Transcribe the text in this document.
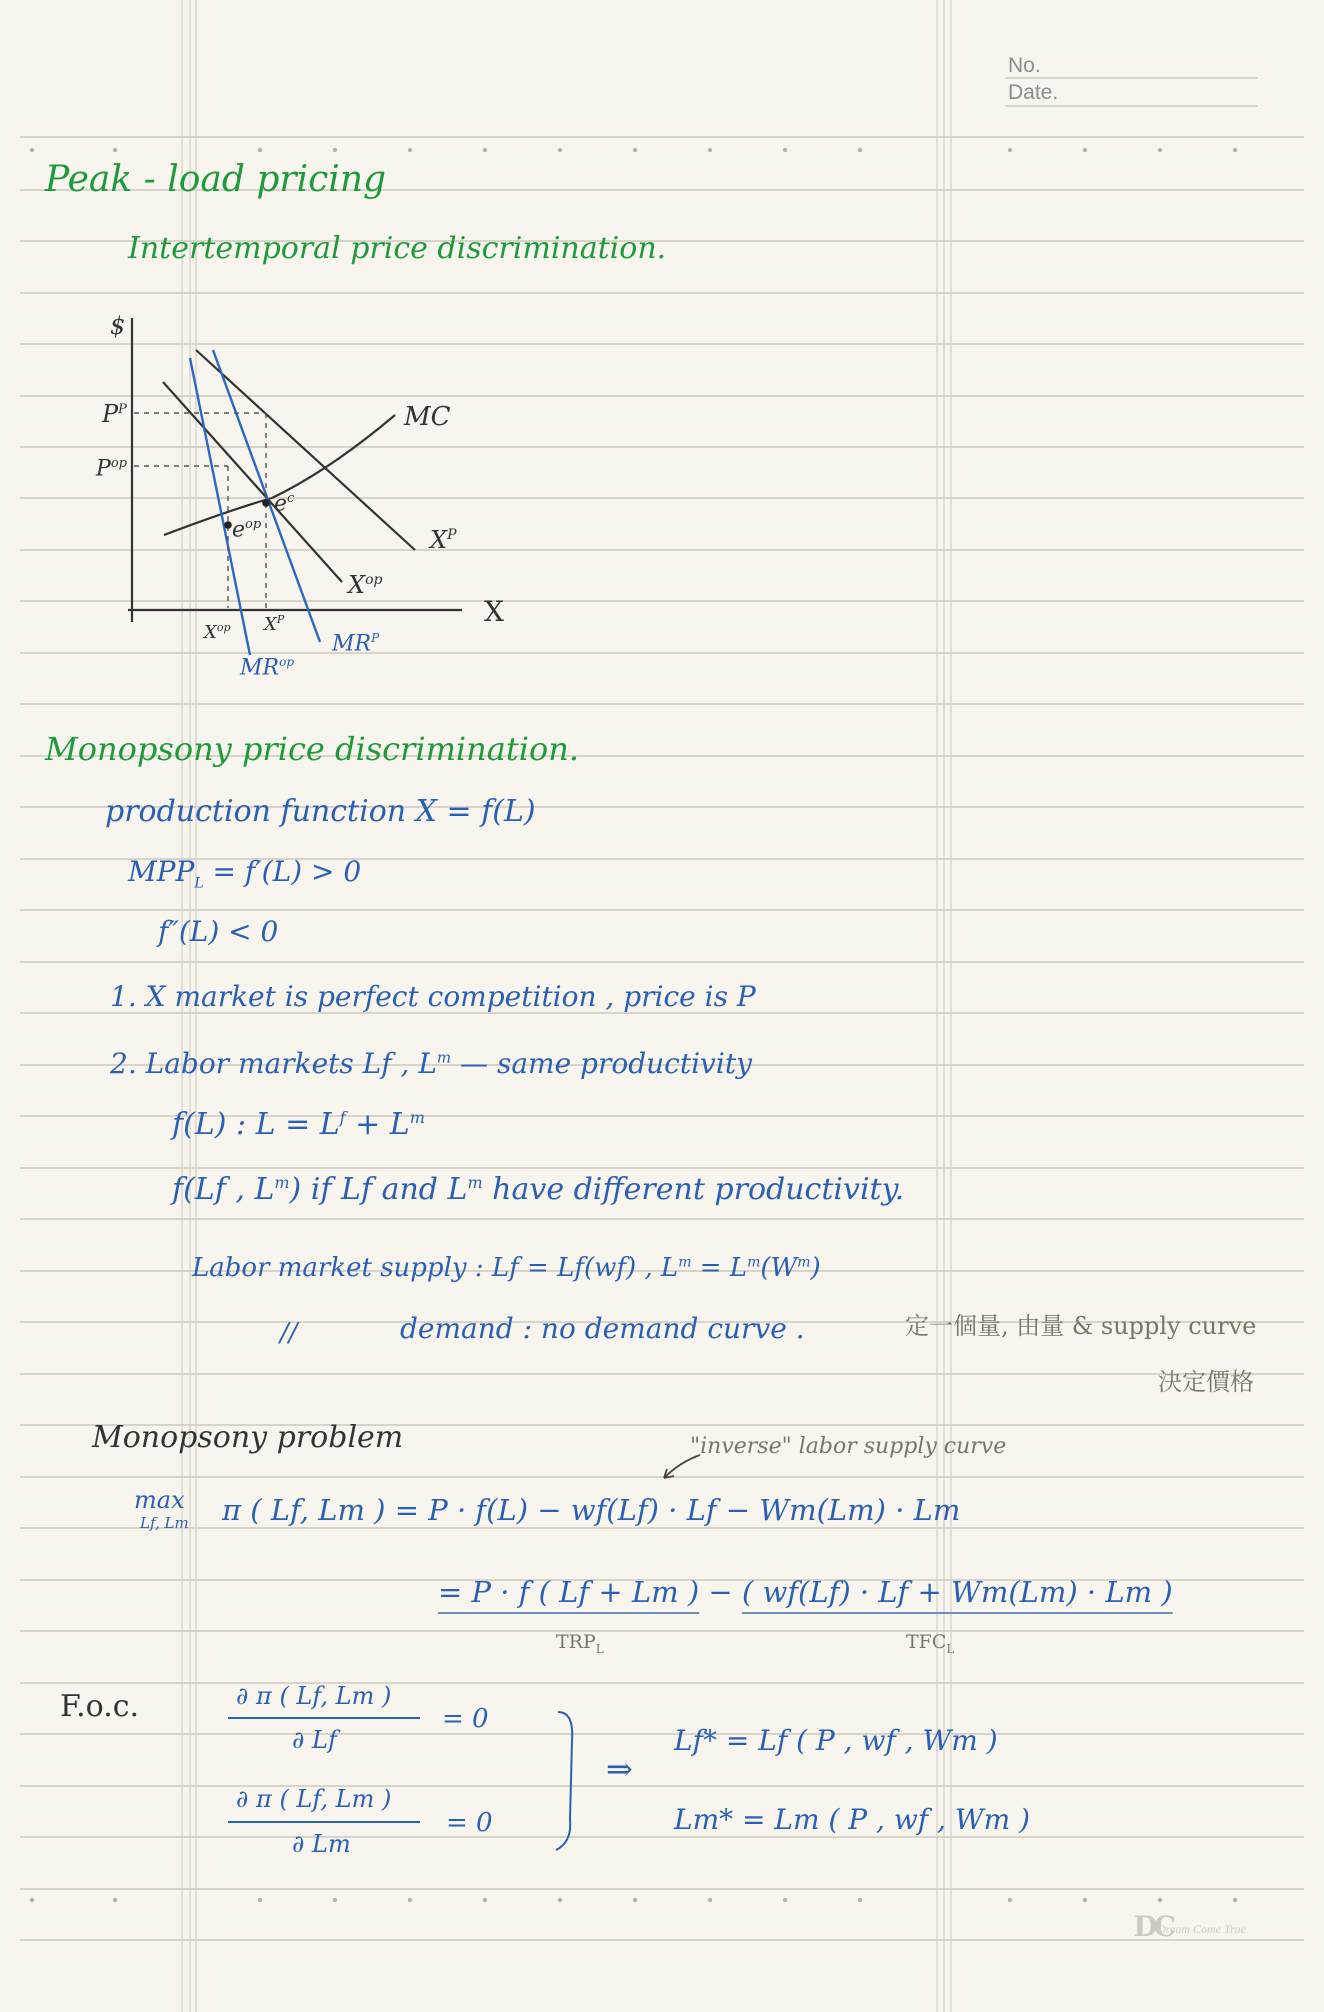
No.
Date.
Peak - load pricing
Intertemporal price discrimination.
$
X
$P^P$
$P^{op}$
MC
$X^P$
$X^{op}$
$e^c$
$e^{op}$
$X^{op}$ $X^P$
$MR^{op}$
$MR^P$
Monopsony price discrimination.
production function X = f(L)
$MPP_L = f'(L) > 0$
f″(L) < 0
1. X market is perfect competition , price is P
2. Labor markets Lf , $L^m$ — same productivity
f(L) : $L = L^f + L^m$
f(Lf , $L^m$) if Lf and $L^m$ have different productivity.
Labor market supply : Lf = Lf(wf) , $L^m = L^m(W^m)$
//	demand : no demand curve .	定一個量, 由量 & supply curve
決定價格
Monopsony problem	"inverse" labor supply curve
max
Lf, Lm π ( Lf, Lm ) = P · f(L) − wf(Lf) · Lf − Wm(Lm) · Lm
= P · f ( Lf + Lm ) − ( wf(Lf) · Lf + Wm(Lm) · Lm )
$TRP_L$	$TFC_L$
F.o.c.	∂ π ( Lf, Lm )
∂ Lf
= 0
∂ π ( Lf, Lm )
∂ Lm
= 0
⇒
Lf* = Lf ( P , wf , Wm )
Lm* = Lm ( P , wf , Wm )
DC
Dream Come True
